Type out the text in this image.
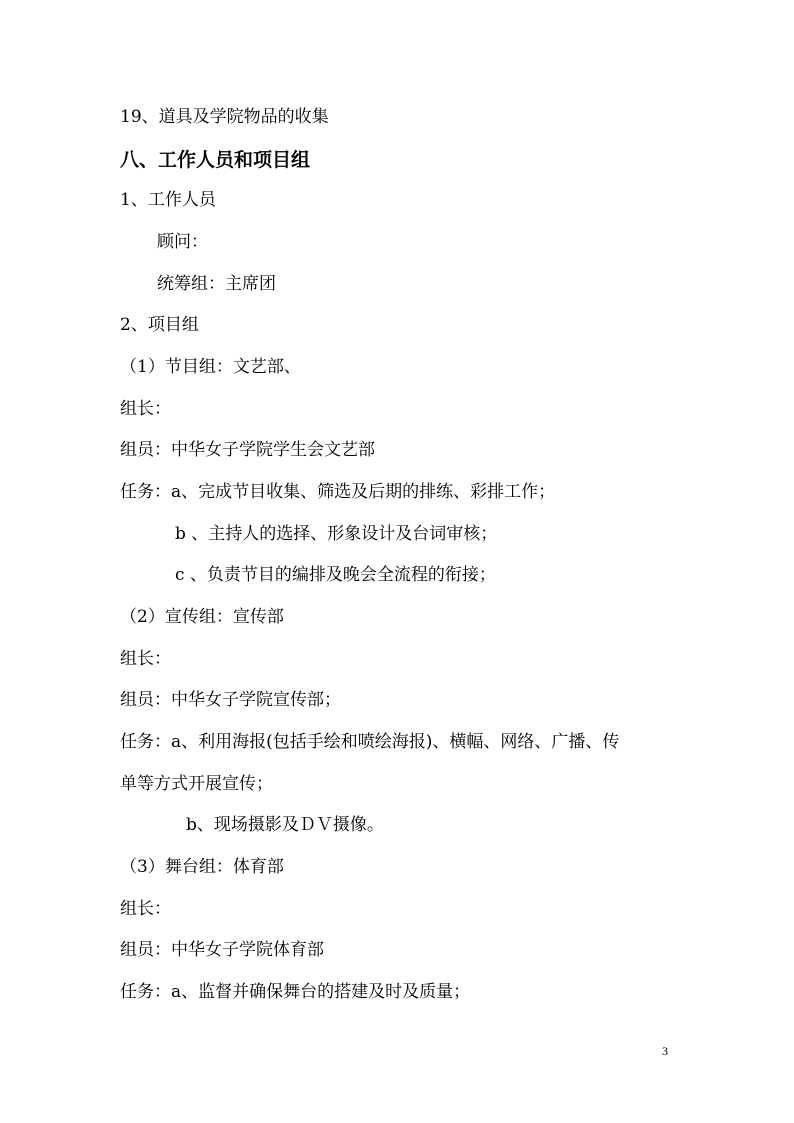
19、道具及学院物品的收集
八、工作人员和项目组
1、工作人员
顾问：
统筹组：主席团
2、项目组
（1）节目组：文艺部、
组长：
组员：中华女子学院学生会文艺部
任务：a、完成节目收集、筛选及后期的排练、彩排工作；
b 、主持人的选择、形象设计及台词审核；
c 、负责节目的编排及晚会全流程的衔接；
（2）宣传组：宣传部
组长：
组员：中华女子学院宣传部；
任务：a、利用海报(包括手绘和喷绘海报)、横幅、网络、广播、传
单等方式开展宣传；
b、现场摄影及ＤＶ摄像。
（3）舞台组：体育部
组长：
组员：中华女子学院体育部
任务：a、监督并确保舞台的搭建及时及质量；
3
